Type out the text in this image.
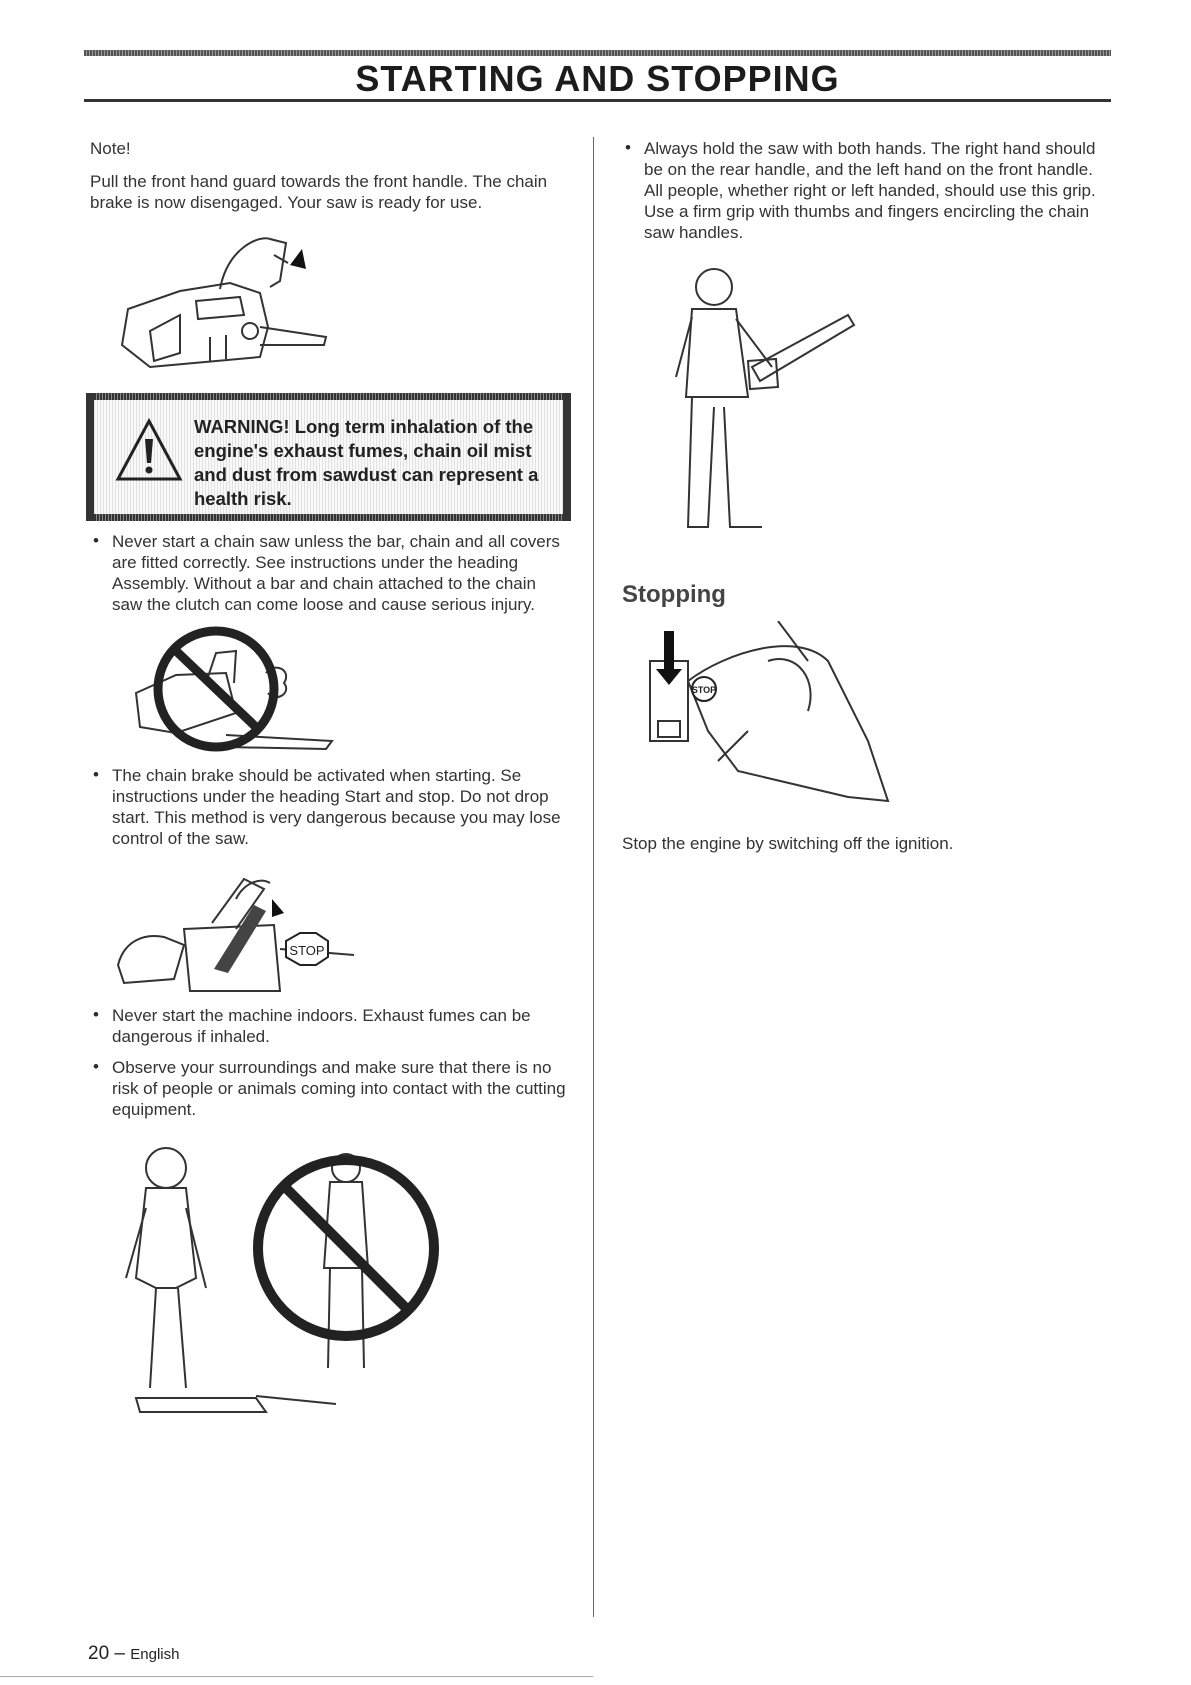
STARTING AND STOPPING

Note!

Pull the front hand guard towards the front handle. The chain brake is now disengaged. Your saw is ready for use.

WARNING! Long term inhalation of the engine's exhaust fumes, chain oil mist and dust from sawdust can represent a health risk.
• Never start a chain saw unless the bar, chain and all covers are fitted correctly. See instructions under the heading Assembly. Without a bar and chain attached to the chain saw the clutch can come loose and cause serious injury.

• The chain brake should be activated when starting. Se instructions under the heading Start and stop. Do not drop start. This method is very dangerous because you may lose control of the saw.

STOP
• Never start the machine indoors. Exhaust fumes can be dangerous if inhaled.

• Observe your surroundings and make sure that there is no risk of people or animals coming into contact with the cutting equipment.

• Always hold the saw with both hands. The right hand should be on the rear handle, and the left hand on the front handle. All people, whether right or left handed, should use this grip. Use a firm grip with thumbs and fingers encircling the chain saw handles.

Stopping
STOP

Stop the engine by switching off the ignition.

20 – English
